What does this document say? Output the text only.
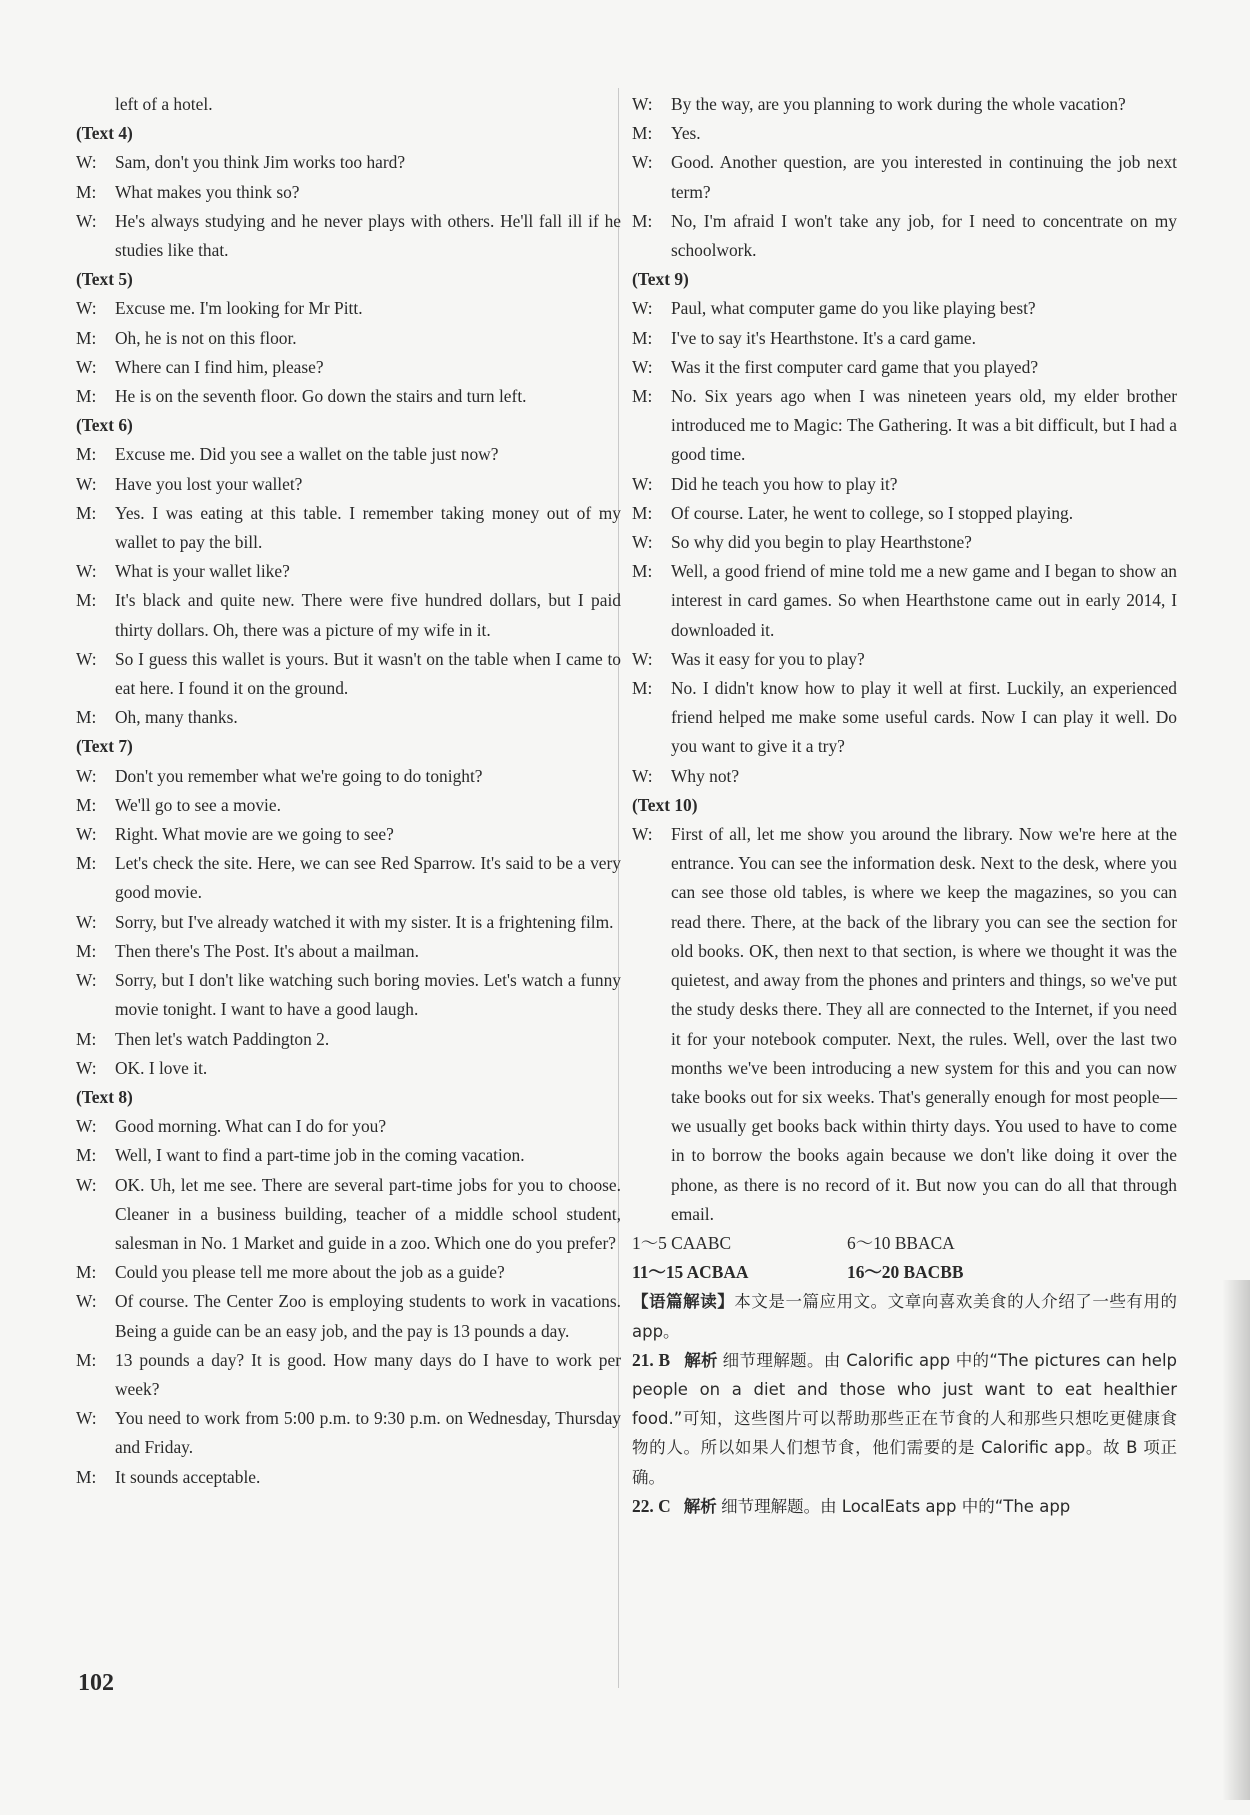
left of a hotel.

(Text 4)

W:	Sam, don't you think Jim works too hard?

M:	What makes you think so?

W:	He's always studying and he never plays with others. He'll fall ill if he studies like that.

(Text 5)

W:	Excuse me. I'm looking for Mr Pitt.

M:	Oh, he is not on this floor.

W:	Where can I find him, please?

M:	He is on the seventh floor. Go down the stairs and turn left.

(Text 6)

M:	Excuse me. Did you see a wallet on the table just now?

W:	Have you lost your wallet?

M:	Yes. I was eating at this table. I remember taking money out of my wallet to pay the bill.

W:	What is your wallet like?

M:	It's black and quite new. There were five hundred dollars, but I paid thirty dollars. Oh, there was a picture of my wife in it.

W:	So I guess this wallet is yours. But it wasn't on the table when I came to eat here. I found it on the ground.

M:	Oh, many thanks.

(Text 7)

W:	Don't you remember what we're going to do tonight?

M:	We'll go to see a movie.

W:	Right. What movie are we going to see?

M:	Let's check the site. Here, we can see Red Sparrow. It's said to be a very good movie.

W:	Sorry, but I've already watched it with my sister. It is a frightening film.

M:	Then there's The Post. It's about a mailman.

W:	Sorry, but I don't like watching such boring movies. Let's watch a funny movie tonight. I want to have a good laugh.

M:	Then let's watch Paddington 2.

W:	OK. I love it.

(Text 8)

W:	Good morning. What can I do for you?

M:	Well, I want to find a part-time job in the coming vacation.

W:	OK. Uh, let me see. There are several part-time jobs for you to choose. Cleaner in a business building, teacher of a middle school student, salesman in No. 1 Market and guide in a zoo. Which one do you prefer?

M:	Could you please tell me more about the job as a guide?

W:	Of course. The Center Zoo is employing students to work in vacations. Being a guide can be an easy job, and the pay is 13 pounds a day.

M:	13 pounds a day? It is good. How many days do I have to work per week?

W:	You need to work from 5:00 p.m. to 9:30 p.m. on Wednesday, Thursday and Friday.

M:	It sounds acceptable.

W:	By the way, are you planning to work during the whole vacation?

M:	Yes.

W:	Good. Another question, are you interested in continuing the job next term?

M:	No, I'm afraid I won't take any job, for I need to concentrate on my schoolwork.

(Text 9)

W:	Paul, what computer game do you like playing best?

M:	I've to say it's Hearthstone. It's a card game.

W:	Was it the first computer card game that you played?

M:	No. Six years ago when I was nineteen years old, my elder brother introduced me to Magic: The Gathering. It was a bit difficult, but I had a good time.

W:	Did he teach you how to play it?

M:	Of course. Later, he went to college, so I stopped playing.

W:	So why did you begin to play Hearthstone?

M:	Well, a good friend of mine told me a new game and I began to show an interest in card games. So when Hearthstone came out in early 2014, I downloaded it.

W:	Was it easy for you to play?

M:	No. I didn't know how to play it well at first. Luckily, an experienced friend helped me make some useful cards. Now I can play it well. Do you want to give it a try?

W:	Why not?

(Text 10)

W:	First of all, let me show you around the library. Now we're here at the entrance. You can see the information desk. Next to the desk, where you can see those old tables, is where we keep the magazines, so you can read there. There, at the back of the library you can see the section for old books. OK, then next to that section, is where we thought it was the quietest, and away from the phones and printers and things, so we've put the study desks there. They all are connected to the Internet, if you need it for your notebook computer. Next, the rules. Well, over the last two months we've been introducing a new system for this and you can now take books out for six weeks. That's generally enough for most people—we usually get books back within thirty days. You used to have to come in to borrow the books again because we don't like doing it over the phone, as there is no record of it. But now you can do all that through email.

1～5 CAABC	6～10 BBACA

11～15 ACBAA	16～20 BACBB

【语篇解读】本文是一篇应用文。文章向喜欢美食的人介绍了一些有用的app。

21. B 解析 细节理解题。由 Calorific app 中的“The pictures can help people on a diet and those who just want to eat healthier food.”可知，这些图片可以帮助那些正在节食的人和那些只想吃更健康食物的人。所以如果人们想节食，他们需要的是 Calorific app。故 B 项正确。

22. C 解析 细节理解题。由 LocalEats app 中的“The app

102
